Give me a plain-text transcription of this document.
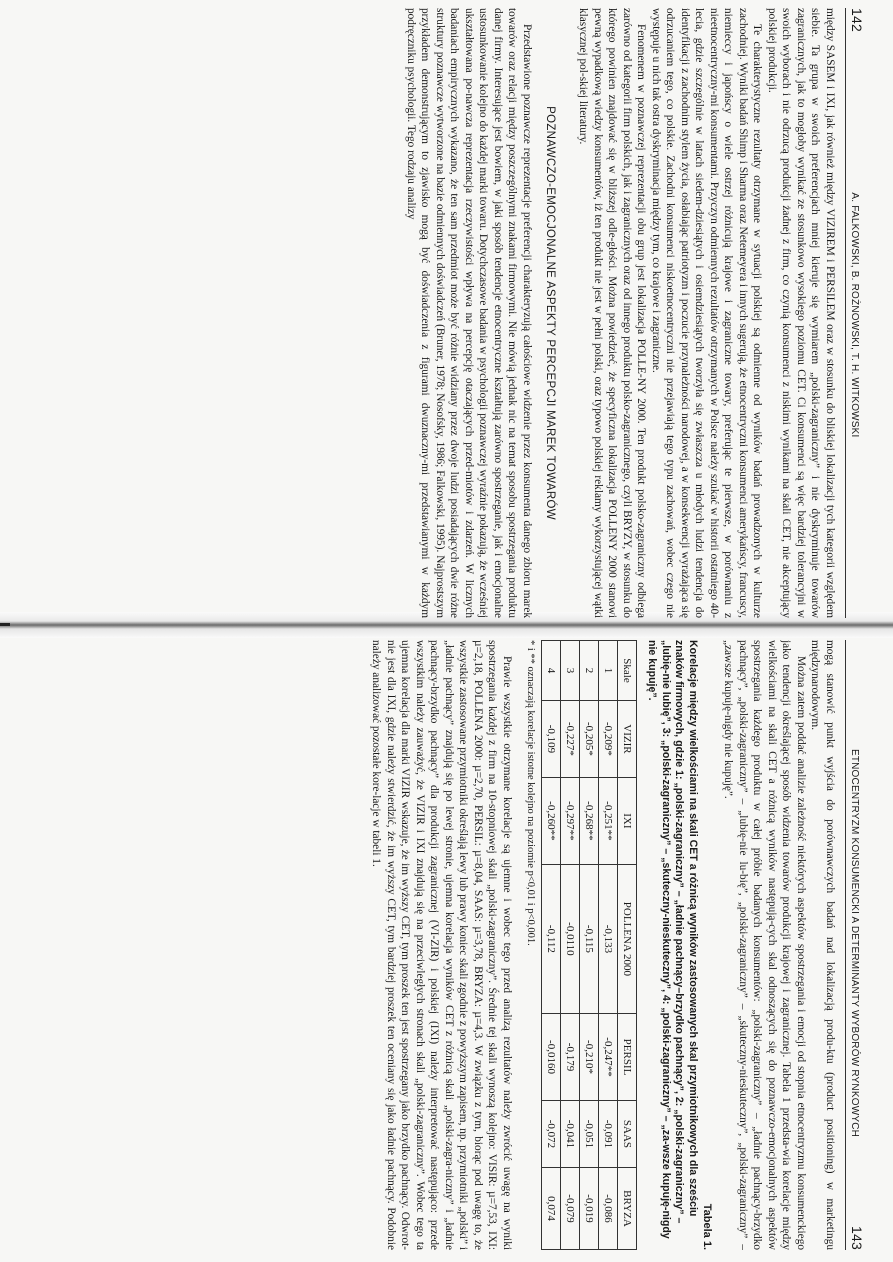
142
A. FALKOWSKI, B. ROŻNOWSKI, T. H. WITKOWSKI

między SASEM i IXI, jak również między VIZIREM i PERSILEM oraz w stosunku do bliskiej lokalizacji tych kategorii względem siebie. Ta grupa w swoich preferencjach mniej kieruje się wymiarem „polski-zagraniczny” i nie dyskryminuje towarów zagranicznych, jak to mogłoby wynikać ze stosunkowo wysokiego poziomu CET. Ci konsumenci są więc bardziej tolerancyjni w swoich wyborach i nie odrzucą produkcji żadnej z firm, co czynią konsumenci z niskimi wynikami na skali CET, nie akceptujący polskiej produkcji.

Te charakterystyczne rezultaty otrzymane w sytuacji polskiej są odmienne od wyników badań prowadzonych w kulturze zachodniej. Wyniki badań Shimp i Sharma oraz Netemeyera i innych sugerują, że etnocentryczni konsumenci amerykańscy, francuscy, niemieccy i japońscy o wiele ostrzej różnicują krajowe i zagraniczne towary, preferując te pierwsze, w porównaniu z nieetnocentryczny-mi konsumentami. Przyczyn odmiennych rezultatów otrzymanych w Polsce należy szukać w historii ostatniego 40-lecia, gdzie szczególnie w latach siedem-dziesiątych i osiemdziesiątych tworzyła się zwłaszcza u młodych ludzi tendencja do identyfikacji z zachodnim stylem życia, osłabiając patriotyzm i poczucie przynależności narodowej, a w konsekwencji wyrażająca się odrzucaniem tego, co polskie. Zachodni konsumenci niskoetnocentryczni nie przejawiają tego typu zachowań, wobec czego nie występuje u nich tak ostra dyskryminacja między tym, co krajowe i zagraniczne.

Fenomenem w poznawczej reprezentacji obu grup jest lokalizacja POLLE-NY 2000. Ten produkt polsko-zagraniczny odbiega zarówno od kategorii firm polskich, jak i zagranicznych oraz od innego produktu polsko-zagranicznego, czyli BRYZY, w stosunku do którego powinien znajdować się w bliższej odle-głości. Można powiedzieć, że specyficzna lokalizacja POLLENY 2000 stanowi pewną wypadkową wiedzy konsumentów, iż ten produkt nie jest w pełni polski, oraz typowo polskiej reklamy wykorzystującej wątki klasycznej pol-skiej literatury.

POZNAWCZO-EMOCJONALNE ASPEKTY PERCEPCJI MAREK TOWARÓW

Przedstawione poznawcze reprezentacje preferencji charakteryzują całościowe widzenie przez konsumenta danego zbioru marek towarów oraz relacji między poszczególnymi znakami firmowymi. Nie mówią jednak nic na temat sposobu spostrzegania produktu danej firmy. Interesujące jest bowiem, w jaki sposób tendencje etnocentryczne kształtują zarówno spostrzeganie, jak i emocjonalne ustosunkowanie kolejno do każdej marki towaru. Dotychczasowe badania w psychologii poznawczej wyraźnie pokazują, że wcześniej ukształtowana po-nawcza reprezentacja rzeczywistości wpływa na percepcję otaczających przed-miotów i zdarzeń. W licznych badaniach empirycznych wykazano, że ten sam przedmiot może być różnie widziany przez dwoje ludzi posiadających dwie różne struktury poznawcze wytworzone na bazie odmiennych doświadczeń (Bruner, 1978; Nosofsky, 1986; Falkowski, 1995). Najprostszym przykładem demonstrującym to zjawisko mogą być doświadczenia z figurami dwuznaczny-mi przedstawianymi w każdym podręczniku psychologii. Tego rodzaju analizy

ETNOCENTRYZM KONSUMENCKI A DETERMINANTY WYBORÓW RYNKOWYCH
143

mogą stanowić punkt wyjścia do porównawczych badań nad lokalizacją produ-ktu (product positioning) w marketingu międzynarodowym.

Można zatem poddać analizie zależność niektórych aspektów spostrzegania i emocji od stopnia etnocentryzmu konsumenckiego jako tendencji określającej sposób widzenia towarów produkcji krajowej i zagranicznej. Tabela 1 przedsta-wia korelacje między wielkościami na skali CET a różnicą wyników następują-cych skal odnoszących się do poznawczo-emocjonalnych aspektów spostrzegania każdego produktu w całej próbie badanych konsumentów: „polski-zagraniczny” – „ładnie pachnący-brzydko pachnący”, „polski-zagraniczny” – „lubię-nie lu-bię”, „polski-zagraniczny” – „skuteczny-nieskuteczny”, „polski-zagraniczny” – „zawsze kupuję-nigdy nie kupuję”.

Tabela 1.
Korelacje między wielkościami na skali CET a różnicą wyników zastosowanych skal przymiotnikowych dla sześciu znaków firmowych, gdzie 1: „polski-zagraniczny” – „ładnie pachnący–brzydko pachnący”, 2: „polski-zagraniczny” – „lubię-nie lubię”, 3: „polski-zagraniczny” – „skuteczny-nieskuteczny”, 4: „polski-zagraniczny” – „za-wsze kupuję-nigdy nie kupuję”.
Skale	VIZIR	IXI	POLLENA 2000	PERSIL	SAAS	BRYZA
1	-0,209*	-0,251**	-0,133	-0,247**	-0,091	-0,086
2	-0,205*	-0,268**	-0,115	-0,210*	-0,051	-0,019
3	-0,227*	-0,297**	-0,0110	-0,179	-0,041	-0,079
4	-0,109	-0,260**	-0,112	-0,0160	-0,072	0,074
* i ** oznaczają korelacje istotne kolejno na poziomie p<0,01 i p<0,001.

Prawie wszystkie otrzymane korelacje są ujemne i wobec tego przed analizą rezultatów należy zwrócić uwagę na wyniki spostrzegania każdej z firm na 10-stopniowej skali „polski-zagraniczny”. Średnie tej skali wynoszą kolejno: VISIR: µ=7,53, IXI: µ=2,18, POLLENA 2000: µ=2,70, PERSIL: µ=8,04, SAAS: µ=3,78, BRYZA: µ=4,3. W związku z tym, biorąc pod uwagę to, że wszystkie zastosowane przymiotniki określają lewy lub prawy koniec skali zgodnie z powyższym zapisem, np. przymiotniki „polski” i „ładnie pachnący” znajdują się po lewej stronie, ujemna korelacja wyników CET z różnicą skali „polski-zagra-niczny” i „ładnie pachnący-brzydko pachnący” dla produkcji zagranicznej (VI-ZIR) i polskiej (IXI) należy interpretować następująco: przede wszystkim należy zauważyć, że VIZIR i IXI znajdują się na przeciwległych stronach skali „polski-zagraniczny”. Wobec tego ta ujemna korelacja dla marki VIZIR wskazuje, że im wyższy CET, tym proszek ten jest spostrzegany jako brzydko pachnący. Odwrot-nie jest dla IXI, gdzie należy stwierdzić, że im wyższy CET, tym bardziej proszek ten oceniany się jako ładnie pachnący. Podobnie należy analizować pozostałe kore-lacje w tabeli 1.
